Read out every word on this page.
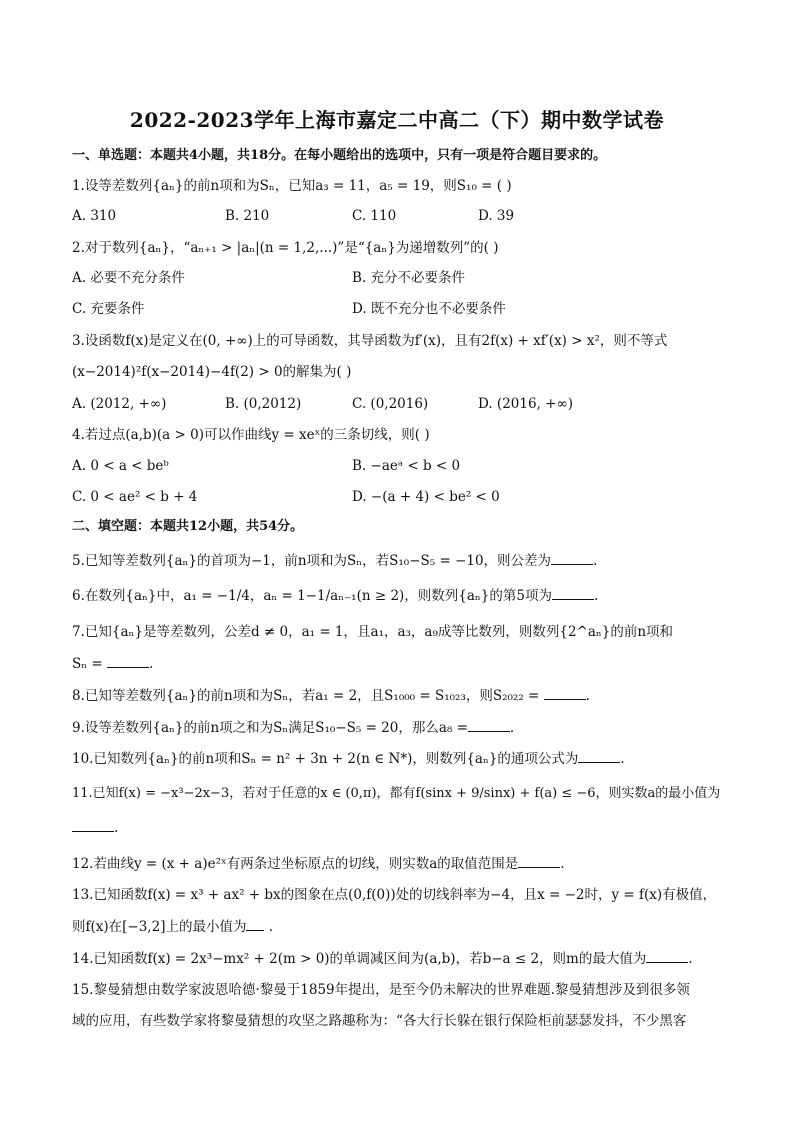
2022-2023学年上海市嘉定二中高二（下）期中数学试卷
一、单选题：本题共4小题，共18分。在每小题给出的选项中，只有一项是符合题目要求的。
1.设等差数列{aₙ}的前n项和为Sₙ，已知a₃ = 11，a₅ = 19，则S₁₀ = ( )
A. 310	B. 210	C. 110	D. 39
2.对于数列{aₙ}，“aₙ₊₁ > |aₙ|(n = 1,2,...)”是“{aₙ}为递增数列”的( )
A. 必要不充分条件	B. 充分不必要条件
C. 充要条件	D. 既不充分也不必要条件
3.设函数f(x)是定义在(0, +∞)上的可导函数，其导函数为f′(x)，且有2f(x) + xf′(x) > x²，则不等式
(x−2014)²f(x−2014)−4f(2) > 0的解集为( )
A. (2012, +∞)	B. (0,2012)	C. (0,2016)	D. (2016, +∞)
4.若过点(a,b)(a > 0)可以作曲线y = xeˣ的三条切线，则( )
A. 0 < a < beᵇ	B. −aeᵃ < b < 0
C. 0 < ae² < b + 4	D. −(a + 4) < be² < 0
二、填空题：本题共12小题，共54分。
5.已知等差数列{aₙ}的首项为−1，前n项和为Sₙ，若S₁₀−S₅ = −10，则公差为	.
6.在数列{aₙ}中，a₁ = −1/4，aₙ = 1−1/aₙ₋₁(n ≥ 2)，则数列{aₙ}的第5项为	.
7.已知{aₙ}是等差数列，公差d ≠ 0，a₁ = 1，且a₁，a₃，a₉成等比数列，则数列{2^aₙ}的前n项和
Sₙ =	.
8.已知等差数列{aₙ}的前n项和为Sₙ，若a₁ = 2，且S₁₀₀₀ = S₁₀₂₃，则S₂₀₂₂ =	.
9.设等差数列{aₙ}的前n项之和为Sₙ满足S₁₀−S₅ = 20，那么a₈ =	.
10.已知数列{aₙ}的前n项和Sₙ = n² + 3n + 2(n ∈ N*)，则数列{aₙ}的通项公式为	.
11.已知f(x) = −x³−2x−3，若对于任意的x ∈ (0,π)，都有f(sinx + 9/sinx) + f(a) ≤ −6，则实数a的最小值为
.
12.若曲线y = (x + a)e²ˣ有两条过坐标原点的切线，则实数a的取值范围是	.
13.已知函数f(x) = x³ + ax² + bx的图象在点(0,f(0))处的切线斜率为−4，且x = −2时，y = f(x)有极值，
则f(x)在[−3,2]上的最小值为 .
14.已知函数f(x) = 2x³−mx² + 2(m > 0)的单调减区间为(a,b)，若b−a ≤ 2，则m的最大值为	.
15.黎曼猜想由数学家波恩哈德·黎曼于1859年提出，是至今仍未解决的世界难题.黎曼猜想涉及到很多领
域的应用，有些数学家将黎曼猜想的攻坚之路趣称为：“各大行长躲在银行保险柜前瑟瑟发抖，不少黑客
